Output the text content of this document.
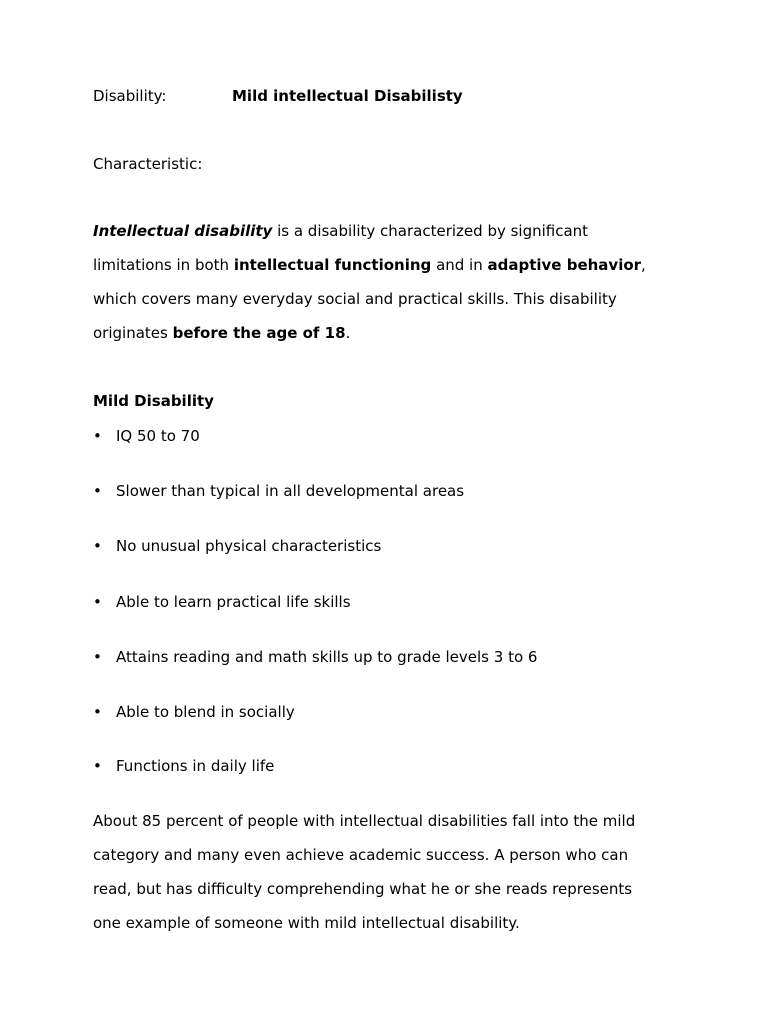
Disability:	Mild intellectual Disabilisty
Characteristic:
Intellectual disability is a disability characterized by significant
limitations in both intellectual functioning and in adaptive behavior,
which covers many everyday social and practical skills. This disability
originates before the age of 18.
Mild Disability
• IQ 50 to 70
• Slower than typical in all developmental areas
• No unusual physical characteristics
• Able to learn practical life skills
• Attains reading and math skills up to grade levels 3 to 6
• Able to blend in socially
• Functions in daily life
About 85 percent of people with intellectual disabilities fall into the mild
category and many even achieve academic success. A person who can
read, but has difficulty comprehending what he or she reads represents
one example of someone with mild intellectual disability.
